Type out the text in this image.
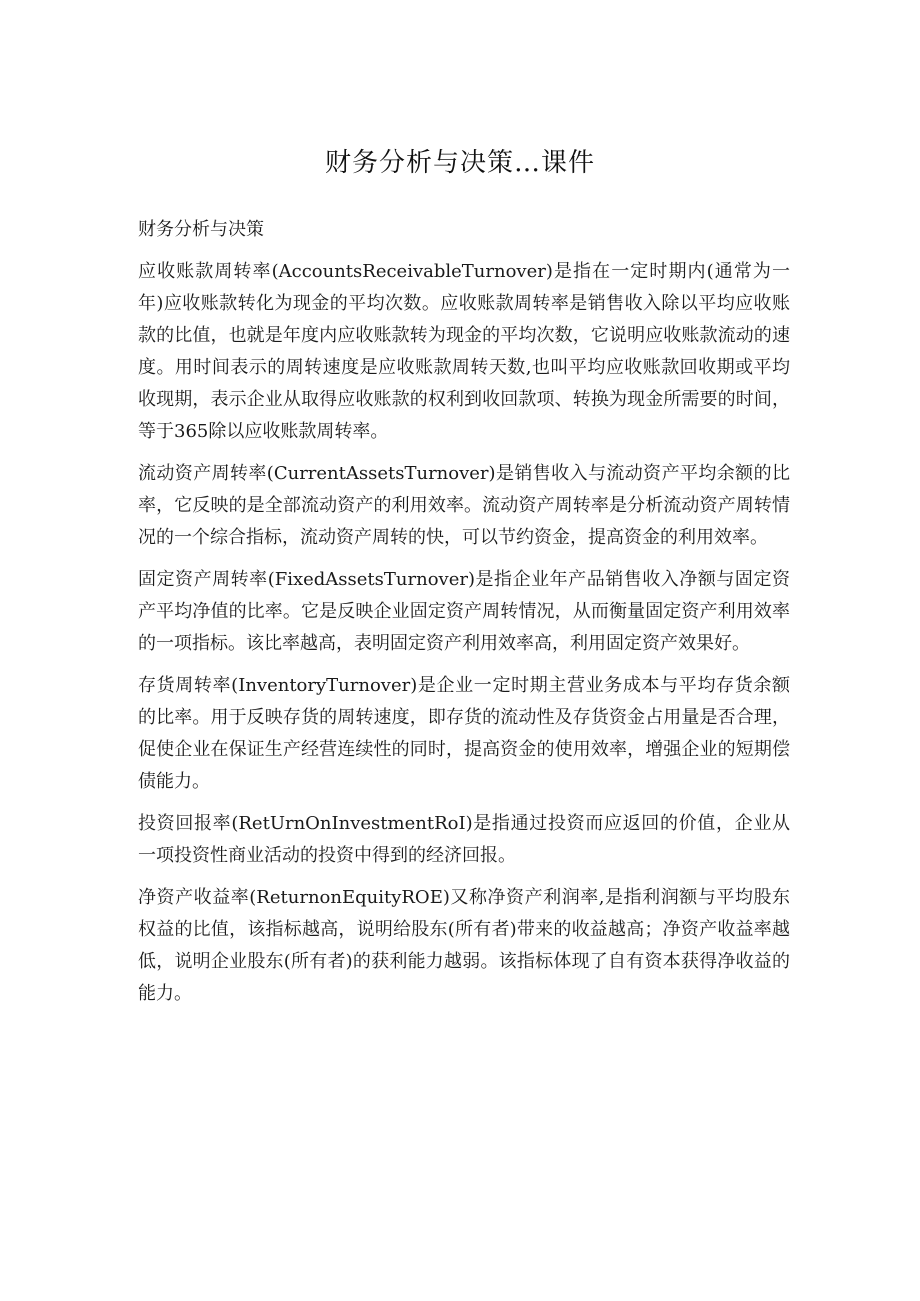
财务分析与决策…课件
财务分析与决策

应收账款周转率(AccountsReceivableTurnover)是指在一定时期内(通常为一年)应收账款转化为现金的平均次数。应收账款周转率是销售收入除以平均应收账款的比值，也就是年度内应收账款转为现金的平均次数，它说明应收账款流动的速度。用时间表示的周转速度是应收账款周转天数,也叫平均应收账款回收期或平均收现期，表示企业从取得应收账款的权利到收回款项、转换为现金所需要的时间，等于365除以应收账款周转率。

流动资产周转率(CurrentAssetsTurnover)是销售收入与流动资产平均余额的比率，它反映的是全部流动资产的利用效率。流动资产周转率是分析流动资产周转情况的一个综合指标，流动资产周转的快，可以节约资金，提高资金的利用效率。

固定资产周转率(FixedAssetsTurnover)是指企业年产品销售收入净额与固定资产平均净值的比率。它是反映企业固定资产周转情况，从而衡量固定资产利用效率的一项指标。该比率越高，表明固定资产利用效率高，利用固定资产效果好。

存货周转率(InventoryTurnover)是企业一定时期主营业务成本与平均存货余额的比率。用于反映存货的周转速度，即存货的流动性及存货资金占用量是否合理，促使企业在保证生产经营连续性的同时，提高资金的使用效率，增强企业的短期偿债能力。

投资回报率(RetUrnOnInvestmentRoI)是指通过投资而应返回的价值，企业从一项投资性商业活动的投资中得到的经济回报。

净资产收益率(ReturnonEquityROE)又称净资产利润率,是指利润额与平均股东权益的比值，该指标越高，说明给股东(所有者)带来的收益越高；净资产收益率越低，说明企业股东(所有者)的获利能力越弱。该指标体现了自有资本获得净收益的能力。
